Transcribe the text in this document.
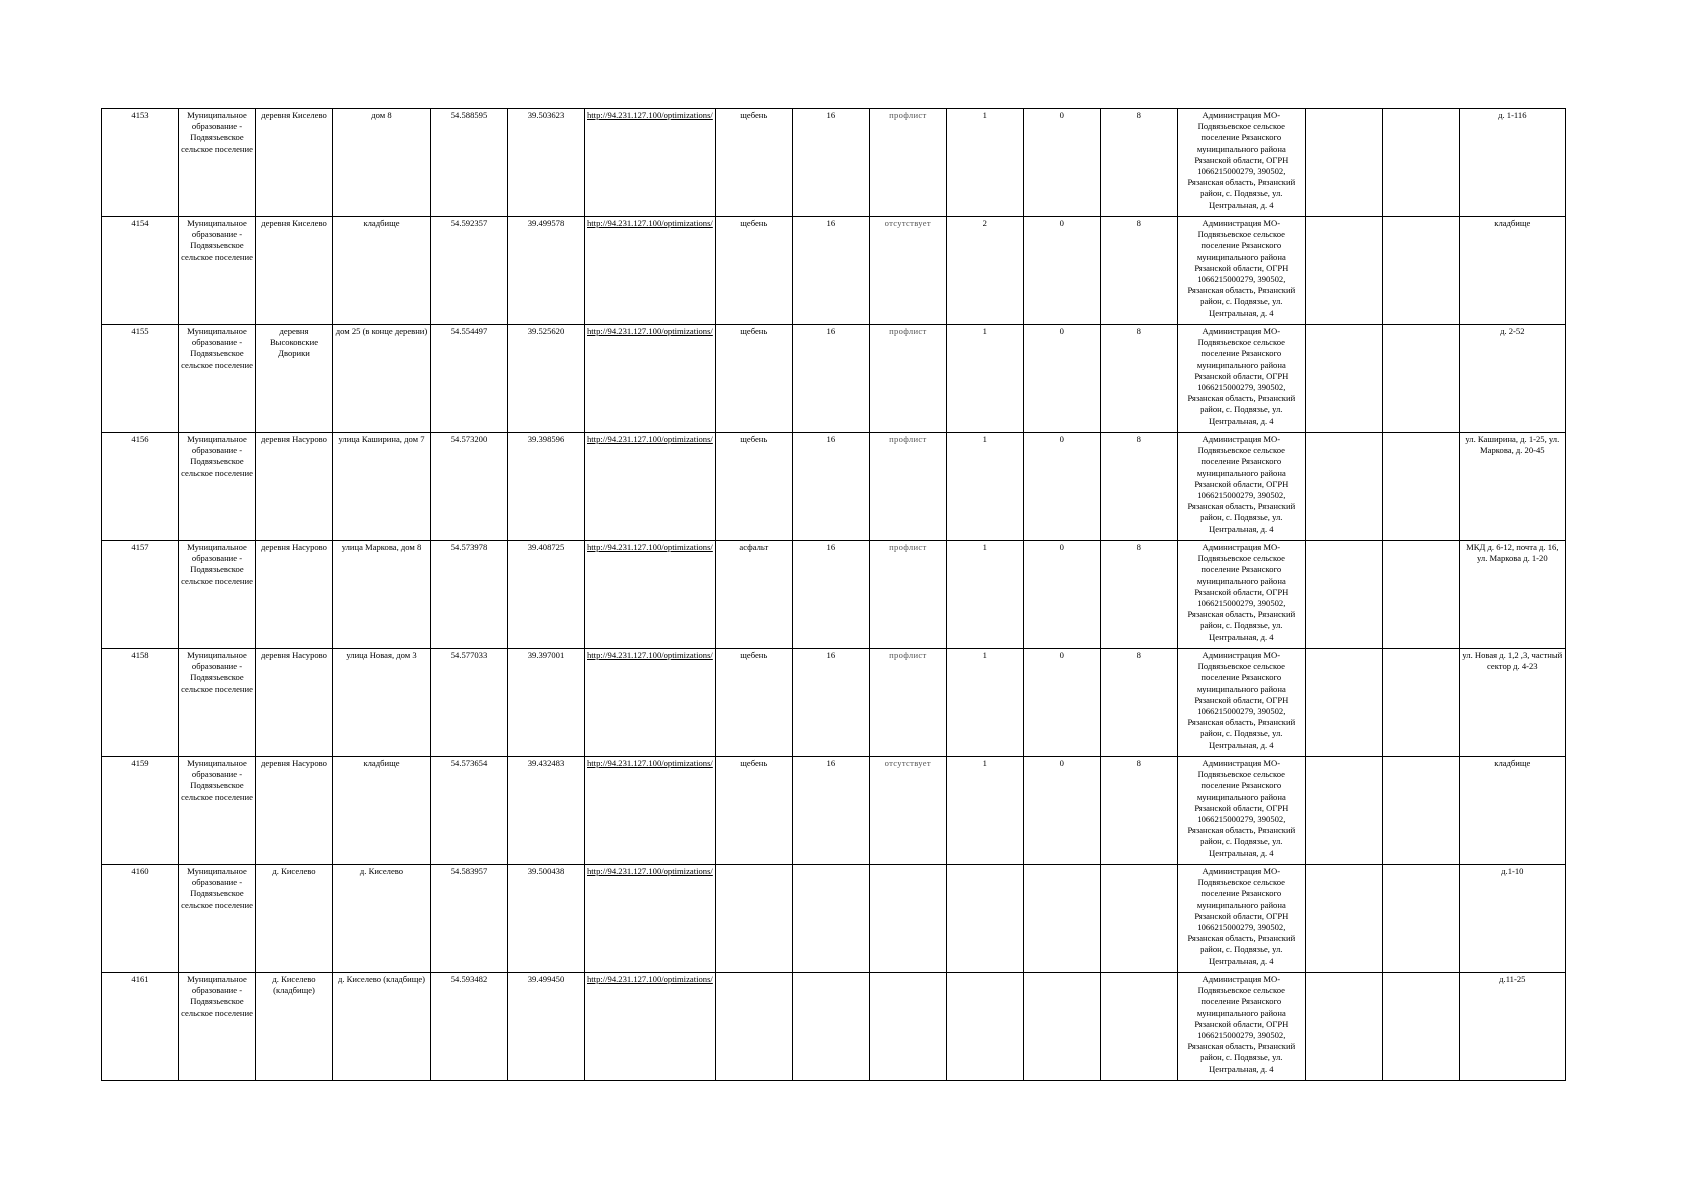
4153	Муниципальное образование - Подвязьевское сельское поселение	деревня Киселево	дом 8	54.588595	39.503623	http://94.231.127.100/optimizations/	щебень	16	профлист	1	0	8	Администрация МО- Подвязьевское сельское поселение Рязанского муниципального района Рязанской области, ОГРН 1066215000279, 390502, Рязанская область, Рязанский район, с. Подвязье, ул. Центральная, д. 4			д. 1-116
4154	Муниципальное образование - Подвязьевское сельское поселение	деревня Киселево	кладбище	54.592357	39.499578	http://94.231.127.100/optimizations/	щебень	16	отсутствует	2	0	8	Администрация МО- Подвязьевское сельское поселение Рязанского муниципального района Рязанской области, ОГРН 1066215000279, 390502, Рязанская область, Рязанский район, с. Подвязье, ул. Центральная, д. 4			кладбище
4155	Муниципальное образование - Подвязьевское сельское поселение	деревня Высоковские Дворики	дом 25 (в конце деревни)	54.554497	39.525620	http://94.231.127.100/optimizations/	щебень	16	профлист	1	0	8	Администрация МО- Подвязьевское сельское поселение Рязанского муниципального района Рязанской области, ОГРН 1066215000279, 390502, Рязанская область, Рязанский район, с. Подвязье, ул. Центральная, д. 4			д. 2-52
4156	Муниципальное образование - Подвязьевское сельское поселение	деревня Насурово	улица Каширина, дом 7	54.573200	39.398596	http://94.231.127.100/optimizations/	щебень	16	профлист	1	0	8	Администрация МО- Подвязьевское сельское поселение Рязанского муниципального района Рязанской области, ОГРН 1066215000279, 390502, Рязанская область, Рязанский район, с. Подвязье, ул. Центральная, д. 4			ул. Каширина, д. 1-25, ул. Маркова, д. 20-45
4157	Муниципальное образование - Подвязьевское сельское поселение	деревня Насурово	улица Маркова, дом 8	54.573978	39.408725	http://94.231.127.100/optimizations/	асфальт	16	профлист	1	0	8	Администрация МО- Подвязьевское сельское поселение Рязанского муниципального района Рязанской области, ОГРН 1066215000279, 390502, Рязанская область, Рязанский район, с. Подвязье, ул. Центральная, д. 4			МКД д. 6-12, почта д. 16, ул. Маркова д. 1-20
4158	Муниципальное образование - Подвязьевское сельское поселение	деревня Насурово	улица Новая, дом 3	54.577033	39.397001	http://94.231.127.100/optimizations/	щебень	16	профлист	1	0	8	Администрация МО- Подвязьевское сельское поселение Рязанского муниципального района Рязанской области, ОГРН 1066215000279, 390502, Рязанская область, Рязанский район, с. Подвязье, ул. Центральная, д. 4			ул. Новая д. 1,2 ,3, частный сектор д. 4-23
4159	Муниципальное образование - Подвязьевское сельское поселение	деревня Насурово	кладбище	54.573654	39.432483	http://94.231.127.100/optimizations/	щебень	16	отсутствует	1	0	8	Администрация МО- Подвязьевское сельское поселение Рязанского муниципального района Рязанской области, ОГРН 1066215000279, 390502, Рязанская область, Рязанский район, с. Подвязье, ул. Центральная, д. 4			кладбище
4160	Муниципальное образование - Подвязьевское сельское поселение	д. Киселево	д. Киселево	54.583957	39.500438	http://94.231.127.100/optimizations/							Администрация МО- Подвязьевское сельское поселение Рязанского муниципального района Рязанской области, ОГРН 1066215000279, 390502, Рязанская область, Рязанский район, с. Подвязье, ул. Центральная, д. 4			д.1-10
4161	Муниципальное образование - Подвязьевское сельское поселение	д. Киселево (кладбище)	д. Киселево (кладбище)	54.593482	39.499450	http://94.231.127.100/optimizations/							Администрация МО- Подвязьевское сельское поселение Рязанского муниципального района Рязанской области, ОГРН 1066215000279, 390502, Рязанская область, Рязанский район, с. Подвязье, ул. Центральная, д. 4			д.11-25
